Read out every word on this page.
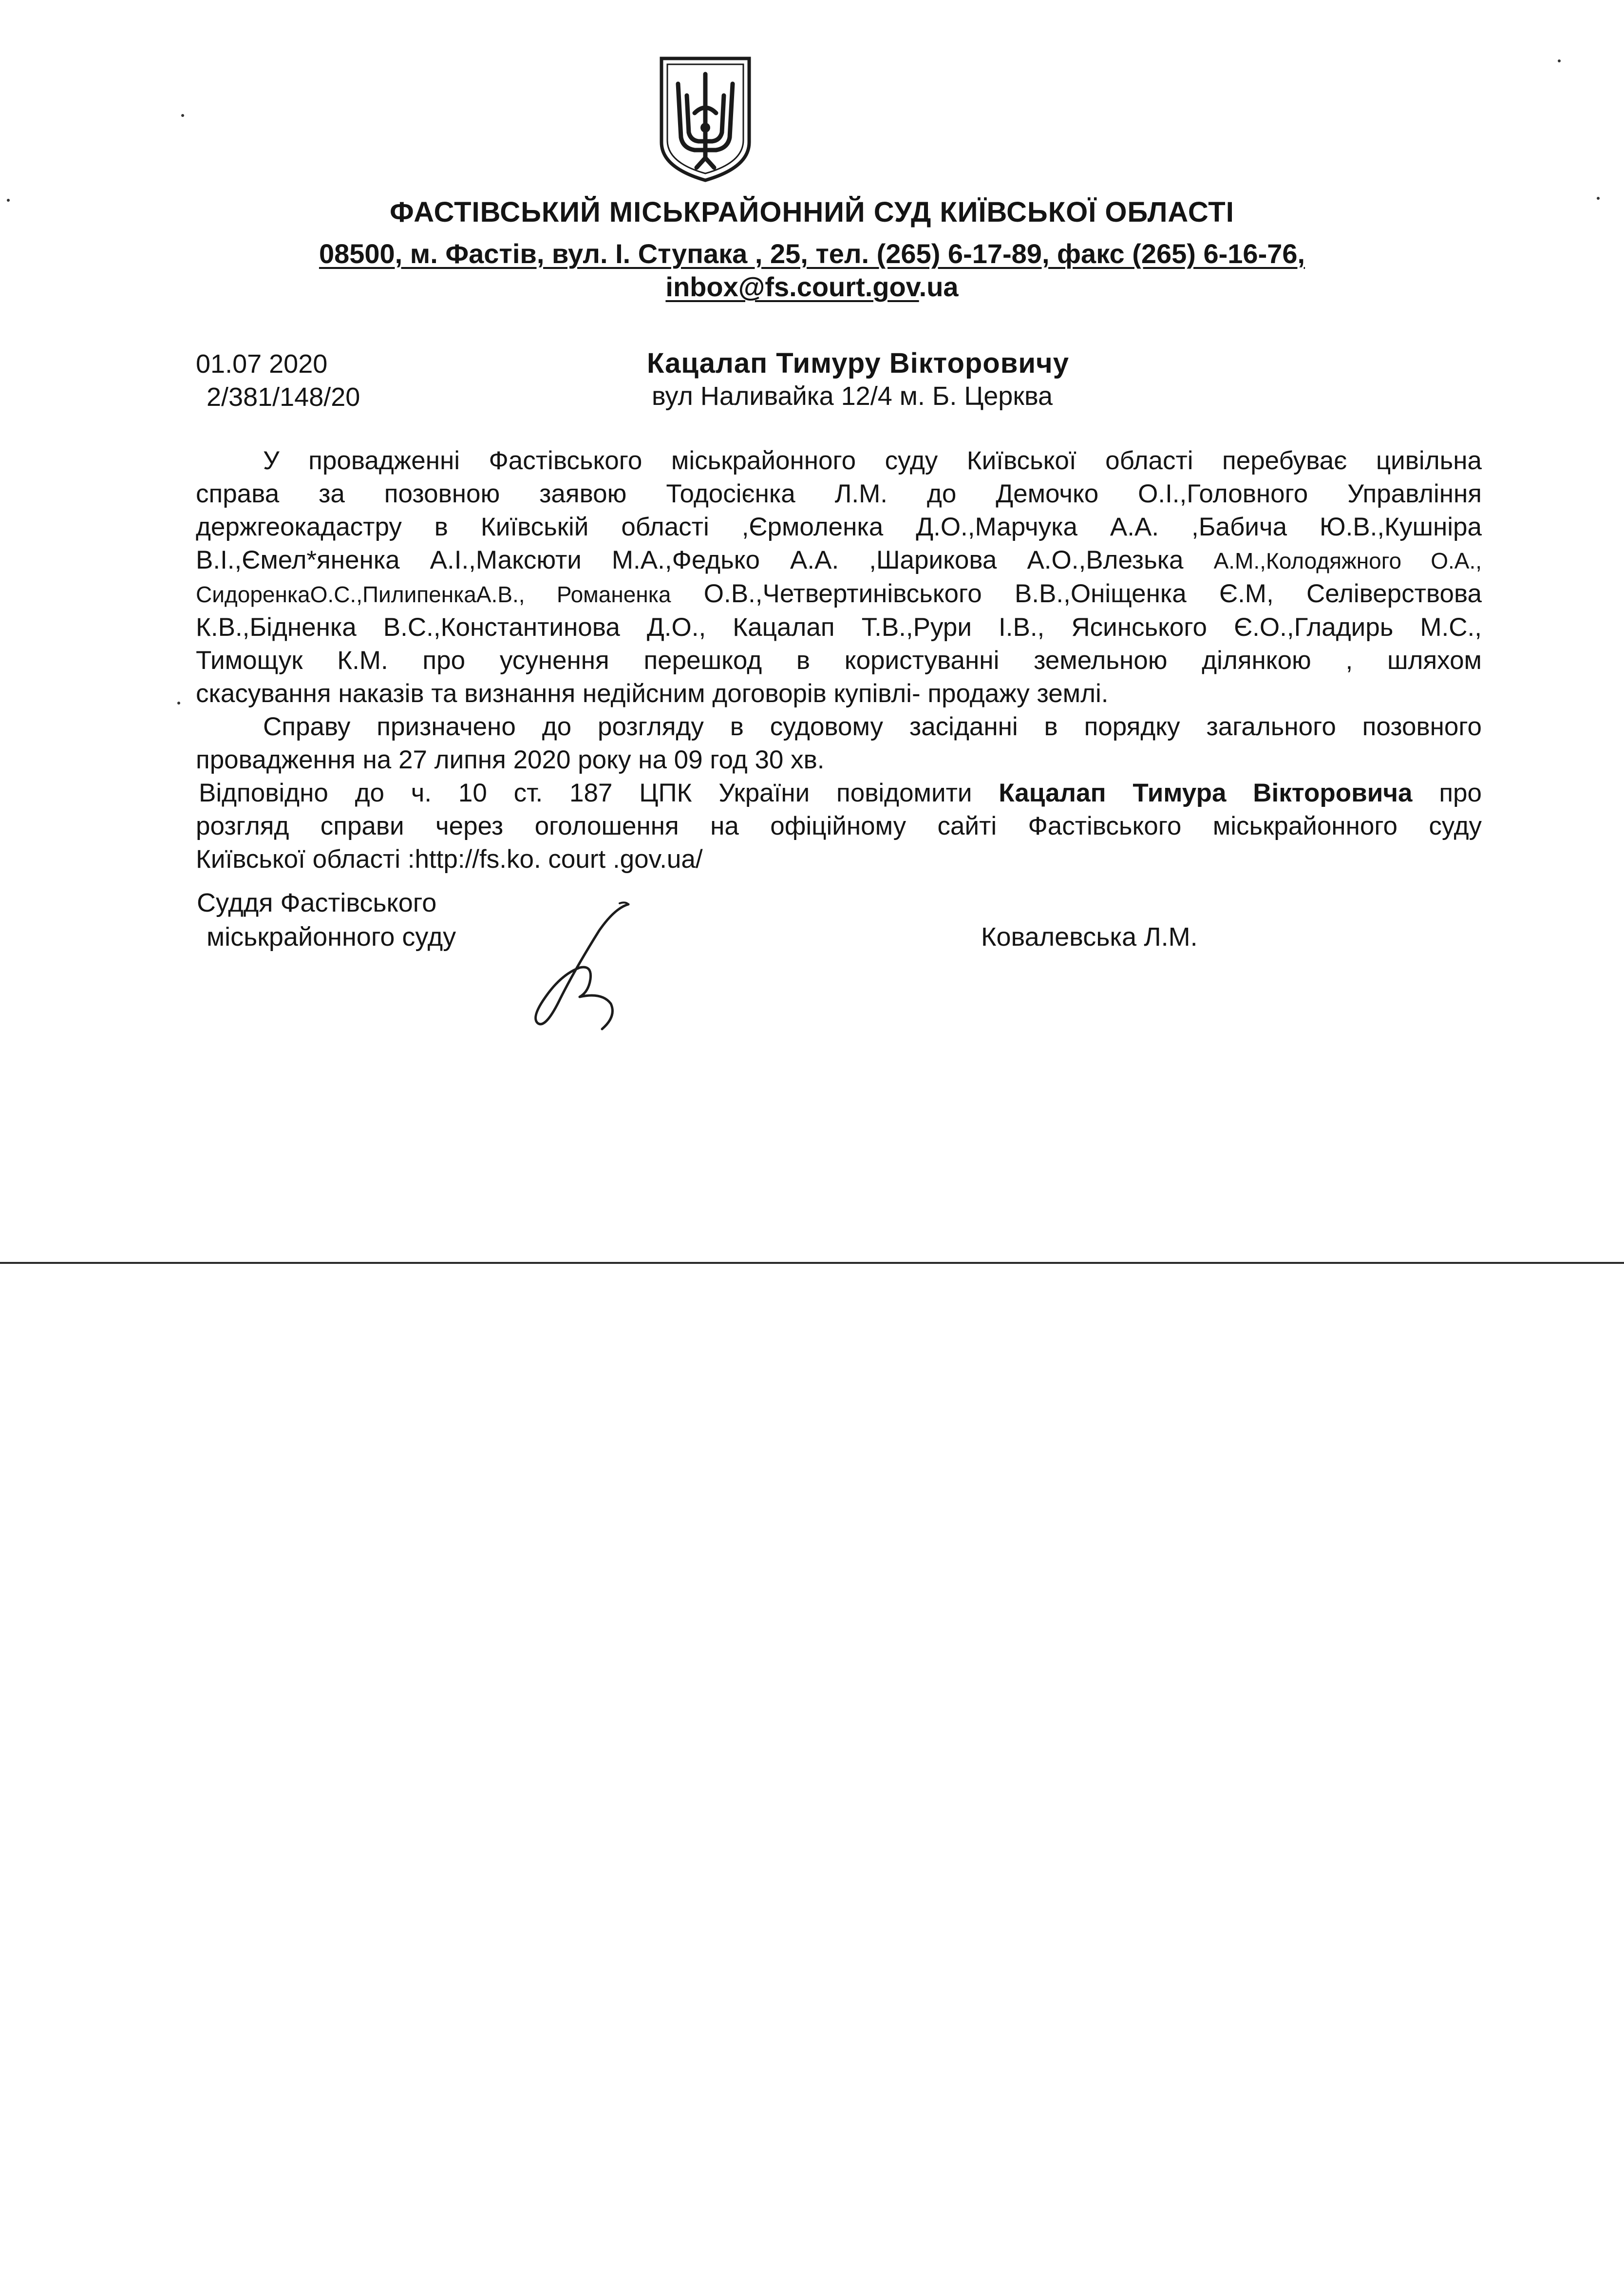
ФАСТІВСЬКИЙ МІСЬКРАЙОННИЙ СУД КИЇВСЬКОЇ ОБЛАСТІ
08500, м. Фастів, вул. І. Ступака , 25, тел. (265) 6-17-89, факс (265) 6-16-76,
inbox@fs.court.gov.ua
01.07 2020
2/381/148/20
Кацалап Тимуру Вікторовичу
вул Наливайка 12/4 м. Б. Церква
У провадженні Фастівського міськрайонного суду Київської області перебуває цивільна
справа за позовною заявою Тодосієнка Л.М. до Демочко О.І.,Головного Управління
держгеокадастру в Київській області ,Єрмоленка Д.О.,Марчука А.А. ,Бабича Ю.В.,Кушніра
В.І.,Ємел*яненка А.І.,Максюти М.А.,Федько А.А. ,Шарикова А.О.,Влезька А.М.,Колодяжного О.А.,
СидоренкаО.С.,ПилипенкаА.В., Романенка О.В.,Четвертинівського В.В.,Оніщенка Є.М, Селіверствова
К.В.,Бідненка В.С.,Константинова Д.О., Кацалап Т.В.,Рури І.В., Ясинського Є.О.,Гладирь М.С.,
Тимощук К.М. про усунення перешкод в користуванні земельною ділянкою , шляхом
скасування наказів та визнання недійсним договорів купівлі- продажу землі.
Справу призначено до розгляду в судовому засіданні в порядку загального позовного
провадження на 27 липня 2020 року на 09 год 30 хв.
Відповідно до ч. 10 ст. 187 ЦПК України повідомити Кацалап Тимура Вікторовича про
розгляд справи через оголошення на офіційному сайті Фастівського міськрайонного суду
Київської області :http://fs.ko. court .gov.ua/
Суддя Фастівського
міськрайонного суду	Ковалевська Л.М.
